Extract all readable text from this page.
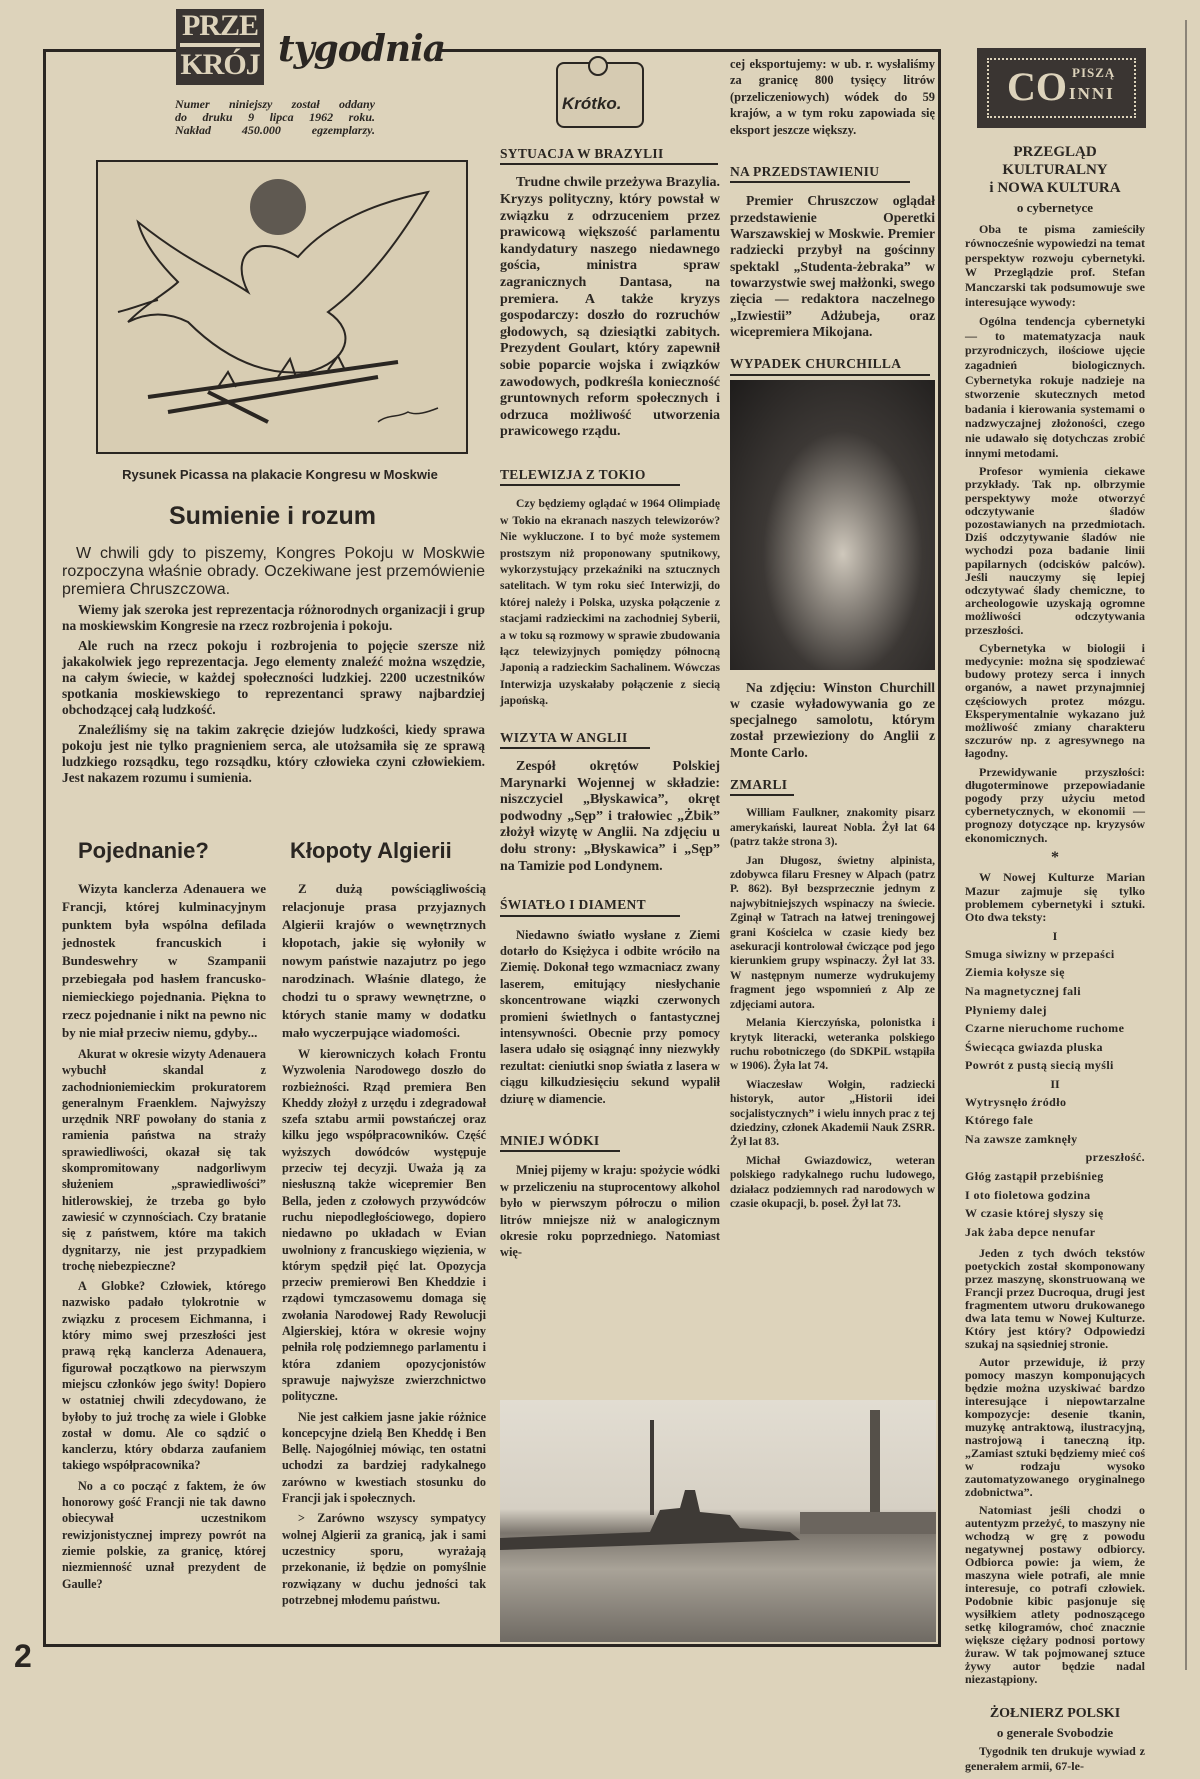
PRZE
KRÓJ tygodnia
Numer niniejszy został oddany
do druku 9 lipca 1962 roku.
Nakład 450.000 egzemplarzy.
Rysunek Picassa na plakacie Kongresu w Moskwie
Sumienie i rozum
W chwili gdy to piszemy, Kongres Pokoju w Moskwie rozpoczyna właśnie obrady. Oczekiwane jest przemówienie premiera Chruszczowa.

Wiemy jak szeroka jest reprezentacja różnorodnych organizacji i grup na moskiewskim Kongresie na rzecz rozbrojenia i pokoju.

Ale ruch na rzecz pokoju i rozbrojenia to pojęcie szersze niż jakakolwiek jego reprezentacja. Jego elementy znaleźć można wszędzie, na całym świecie, w każdej społeczności ludzkiej. 2200 uczestników spotkania moskiewskiego to reprezentanci sprawy najbardziej obchodzącej całą ludzkość.

Znaleźliśmy się na takim zakręcie dziejów ludzkości, kiedy sprawa pokoju jest nie tylko pragnieniem serca, ale utożsamiła się ze sprawą ludzkiego rozsądku, tego rozsądku, który człowieka czyni człowiekiem. Jest nakazem rozumu i sumienia.

Pojednanie?

Wizyta kanclerza Adenauera we Francji, której kulminacyjnym punktem była wspólna defilada jednostek francuskich i Bundeswehry w Szampanii przebiegała pod hasłem francusko-niemieckiego pojednania. Piękna to rzecz pojednanie i nikt na pewno nic by nie miał przeciw niemu, gdyby...

Akurat w okresie wizyty Adenauera wybuchł skandal z zachodnioniemieckim prokuratorem generalnym Fraenklem. Najwyższy urzędnik NRF powołany do stania z ramienia państwa na straży sprawiedliwości, okazał się tak skompromitowany nadgorliwym służeniem „sprawiedliwości” hitlerowskiej, że trzeba go było zawiesić w czynnościach. Czy bratanie się z państwem, które ma takich dygnitarzy, nie jest przypadkiem trochę niebezpieczne?

A Globke? Człowiek, którego nazwisko padało tylokrotnie w związku z procesem Eichmanna, i który mimo swej przeszłości jest prawą ręką kanclerza Adenauera, figurował początkowo na pierwszym miejscu członków jego świty! Dopiero w ostatniej chwili zdecydowano, że byłoby to już trochę za wiele i Globke został w domu. Ale co sądzić o kanclerzu, który obdarza zaufaniem takiego współpracownika?

No a co począć z faktem, że ów honorowy gość Francji nie tak dawno obiecywał uczestnikom rewizjonistycznej imprezy powrót na ziemie polskie, za granicę, której niezmienność uznał prezydent de Gaulle?

Kłopoty Algierii

Z dużą powściągliwością relacjonuje prasa przyjaznych Algierii krajów o wewnętrznych kłopotach, jakie się wyłoniły w nowym państwie nazajutrz po jego narodzinach. Właśnie dlatego, że chodzi tu o sprawy wewnętrzne, o których stanie mamy w dodatku mało wyczerpujące wiadomości.

W kierowniczych kołach Frontu Wyzwolenia Narodowego doszło do rozbieżności. Rząd premiera Ben Kheddy złożył z urzędu i zdegradował szefa sztabu armii powstańczej oraz kilku jego współpracowników. Część wyższych dowódców występuje przeciw tej decyzji. Uważa ją za niesłuszną także wicepremier Ben Bella, jeden z czołowych przywódców ruchu niepodległościowego, dopiero niedawno po układach w Evian uwolniony z francuskiego więzienia, w którym spędził pięć lat. Opozycja przeciw premierowi Ben Kheddzie i rządowi tymczasowemu domaga się zwołania Narodowej Rady Rewolucji Algierskiej, która w okresie wojny pełniła rolę podziemnego parlamentu i która zdaniem opozycjonistów sprawuje najwyższe zwierzchnictwo polityczne.

Nie jest całkiem jasne jakie różnice koncepcyjne dzielą Ben Kheddę i Ben Bellę. Najogólniej mówiąc, ten ostatni uchodzi za bardziej radykalnego zarówno w kwestiach stosunku do Francji jak i społecznych.

> Zarówno wszyscy sympatycy wolnej Algierii za granicą, jak i sami uczestnicy sporu, wyrażają przekonanie, iż będzie on pomyślnie rozwiązany w duchu jedności tak potrzebnej młodemu państwu.

Krótko.
SYTUACJA W BRAZYLII

Trudne chwile przeżywa Brazylia. Kryzys polityczny, który powstał w związku z odrzuceniem przez prawicową większość parlamentu kandydatury naszego niedawnego gościa, ministra spraw zagranicznych Dantasa, na premiera. A także kryzys gospodarczy: doszło do rozruchów głodowych, są dziesiątki zabitych. Prezydent Goulart, który zapewnił sobie poparcie wojska i związków zawodowych, podkreśla konieczność gruntownych reform społecznych i odrzuca możliwość utworzenia prawicowego rządu.

TELEWIZJA Z TOKIO

Czy będziemy oglądać w 1964 Olimpiadę w Tokio na ekranach naszych telewizorów? Nie wykluczone. I to być może systemem prostszym niż proponowany sputnikowy, wykorzystujący przekaźniki na sztucznych satelitach. W tym roku sieć Interwizji, do której należy i Polska, uzyska połączenie z stacjami radzieckimi na zachodniej Syberii, a w toku są rozmowy w sprawie zbudowania łącz telewizyjnych pomiędzy północną Japonią a radzieckim Sachalinem. Wówczas Interwizja uzyskałaby połączenie z siecią japońską.

WIZYTA W ANGLII

Zespół okrętów Polskiej Marynarki Wojennej w składzie: niszczyciel „Błyskawica”, okręt podwodny „Sęp” i trałowiec „Żbik” złożył wizytę w Anglii. Na zdjęciu u dołu strony: „Błyskawica” i „Sęp” na Tamizie pod Londynem.

ŚWIATŁO I DIAMENT

Niedawno światło wysłane z Ziemi dotarło do Księżyca i odbite wróciło na Ziemię. Dokonał tego wzmacniacz zwany laserem, emitujący niesłychanie skoncentrowane wiązki czerwonych promieni świetlnych o fantastycznej intensywności. Obecnie przy pomocy lasera udało się osiągnąć inny niezwykły rezultat: cieniutki snop światła z lasera w ciągu kilkudziesięciu sekund wypalił dziurę w diamencie.

MNIEJ WÓDKI

Mniej pijemy w kraju: spożycie wódki w przeliczeniu na stuprocentowy alkohol było w pierwszym półroczu o milion litrów mniejsze niż w analogicznym okresie roku poprzedniego. Natomiast wię-

cej eksportujemy: w ub. r. wysłaliśmy za granicę 800 tysięcy litrów (przeliczeniowych) wódek do 59 krajów, a w tym roku zapowiada się eksport jeszcze większy.

NA PRZEDSTAWIENIU

Premier Chruszczow oglądał przedstawienie Operetki Warszawskiej w Moskwie. Premier radziecki przybył na gościnny spektakl „Studenta-żebraka” w towarzystwie swej małżonki, swego zięcia — redaktora naczelnego „Izwiestii” Adżubeja, oraz wicepremiera Mikojana.

WYPADEK CHURCHILLA

Na zdjęciu: Winston Churchill w czasie wyładowywania go ze specjalnego samolotu, którym został przewieziony do Anglii z Monte Carlo.

ZMARLI

William Faulkner, znakomity pisarz amerykański, laureat Nobla. Żył lat 64 (patrz także strona 3).

Jan Długosz, świetny alpinista, zdobywca filaru Fresney w Alpach (patrz P. 862). Był bezsprzecznie jednym z najwybitniejszych wspinaczy na świecie. Zginął w Tatrach na łatwej treningowej grani Kościelca w czasie kiedy bez asekuracji kontrolował ćwiczące pod jego kierunkiem grupy wspinaczy. Żył lat 33. W następnym numerze wydrukujemy fragment jego wspomnień z Alp ze zdjęciami autora.

Melania Kierczyńska, polonistka i krytyk literacki, weteranka polskiego ruchu robotniczego (do SDKPiL wstąpiła w 1906). Żyła lat 74.

Wiaczesław Wołgin, radziecki historyk, autor „Historii idei socjalistycznych” i wielu innych prac z tej dziedziny, członek Akademii Nauk ZSRR. Żył lat 83.

Michał Gwiazdowicz, weteran polskiego radykalnego ruchu ludowego, działacz podziemnych rad narodowych w czasie okupacji, b. poseł. Żył lat 73.

CO PISZĄ
INNI
PRZEGLĄD
KULTURALNY
i NOWA KULTURA
o cybernetyce

Oba te pisma zamieściły równocześnie wypowiedzi na temat perspektyw rozwoju cybernetyki. W Przeglądzie prof. Stefan Manczarski tak podsumowuje swe interesujące wywody:

Ogólna tendencja cybernetyki — to matematyzacja nauk przyrodniczych, ilościowe ujęcie zagadnień biologicznych. Cybernetyka rokuje nadzieje na stworzenie skutecznych metod badania i kierowania systemami o nadzwyczajnej złożoności, czego nie udawało się dotychczas zrobić innymi metodami.

Profesor wymienia ciekawe przykłady. Tak np. olbrzymie perspektywy może otworzyć odczytywanie śladów pozostawianych na przedmiotach. Dziś odczytywanie śladów nie wychodzi poza badanie linii papilarnych (odcisków palców). Jeśli nauczymy się lepiej odczytywać ślady chemiczne, to archeologowie uzyskają ogromne możliwości odczytywania przeszłości.

Cybernetyka w biologii i medycynie: można się spodziewać budowy protezy serca i innych organów, a nawet przynajmniej częściowych protez mózgu. Eksperymentalnie wykazano już możliwość zmiany charakteru szczurów np. z agresywnego na łagodny.

Przewidywanie przyszłości: długoterminowe przepowiadanie pogody przy użyciu metod cybernetycznych, w ekonomii — prognozy dotyczące np. kryzysów ekonomicznych.

*

W Nowej Kulturze Marian Mazur zajmuje się tylko problemem cybernetyki i sztuki. Oto dwa teksty:

I

Smuga siwizny w przepaści

Ziemia kołysze się

Na magnetycznej fali

Płyniemy dalej

Czarne nieruchome ruchome

Świecąca gwiazda pluska

Powrót z pustą siecią myśli

II

Wytrysnęło źródło

Którego fale

Na zawsze zamknęły

przeszłość.

Głóg zastąpił przebiśnieg

I oto fioletowa godzina

W czasie której słyszy się

Jak żaba depce nenufar

Jeden z tych dwóch tekstów poetyckich został skomponowany przez maszynę, skonstruowaną we Francji przez Ducroqua, drugi jest fragmentem utworu drukowanego dwa lata temu w Nowej Kulturze. Który jest który? Odpowiedzi szukaj na sąsiedniej stronie.

Autor przewiduje, iż przy pomocy maszyn komponujących będzie można uzyskiwać bardzo interesujące i niepowtarzalne kompozycje: desenie tkanin, muzykę antraktową, ilustracyjną, nastrojową i taneczną itp. „Zamiast sztuki będziemy mieć coś w rodzaju wysoko zautomatyzowanego oryginalnego zdobnictwa”.

Natomiast jeśli chodzi o autentyzm przeżyć, to maszyny nie wchodzą w grę z powodu negatywnej postawy odbiorcy. Odbiorca powie: ja wiem, że maszyna wiele potrafi, ale mnie interesuje, co potrafi człowiek. Podobnie kibic pasjonuje się wysiłkiem atlety podnoszącego setkę kilogramów, choć znacznie większe ciężary podnosi portowy żuraw. W tak pojmowanej sztuce żywy autor będzie nadal niezastąpiony.

ŻOŁNIERZ POLSKI
o generale Svobodzie

Tygodnik ten drukuje wywiad z generałem armii, 67-le-

2
